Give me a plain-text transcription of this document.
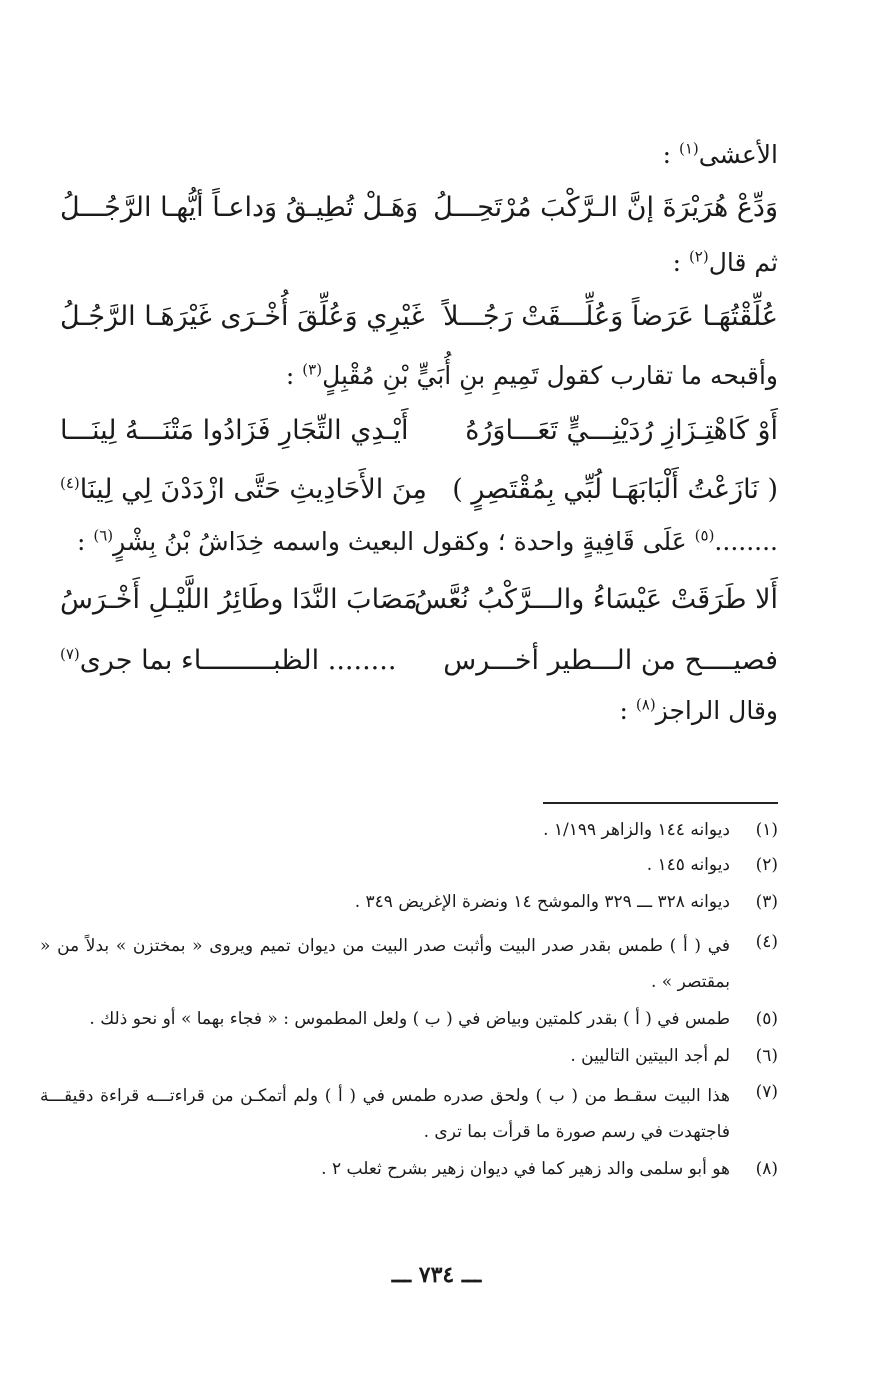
الأعشى$^{(١)}$ :
وَدِّعْ هُرَيْرَةَ إنَّ الـرَّكْبَ مُرْتَحِـــلُ
وَهَـلْ تُطِيـقُ وَداعـاً أيُّهـا الرَّجُـــلُ
ثم قال$^{(٢)}$ :
عُلِّقْتُهَـا عَرَضاً وَعُلِّـــقَتْ رَجُـــلاً
غَيْرِي وَعُلِّقَ أُخْـرَى غَيْرَهَـا الرَّجُـلُ
وأقبحه ما تقارب كقول تَمِيمِ بنِ أُبَيٍّ بْنِ مُقْبِلٍ$^{(٣)}$ :
أَوْ كَاهْتِـزَازِ رُدَيْنِـــيٍّ تَعَـــاوَرُهُ
أَيْـدِي التِّجَارِ فَزَادُوا مَتْنَـــهُ لِينَـــا
( نَازَعْتُ أَلْبَابَهَـا لُبِّي بِمُقْتَصِرٍ )
مِنَ الأَحَادِيثِ حَتَّى ازْدَدْنَ لِي لِينَا$^{(٤)}$
........$^{(٥)}$ عَلَى قَافِيةٍ واحدة ؛ وكقول البعيث واسمه خِدَاشُ بْنُ بِشْرٍ$^{(٦)}$ :
أَلا طَرَقَتْ عَيْسَاءُ والـــرَّكْبُ نُعَّسُ
مَصَابَ النَّدَا وطَائِرُ اللَّيْـلِ أَخْـرَسُ
فصيــــح من الـــطير أخـــرس
........ الظبـــــــــاء بما جرى$^{(٧)}$
وقال الراجز$^{(٨)}$ :
(١)
ديوانه ١٤٤ والزاهر ١/١٩٩ .
(٢)
ديوانه ١٤٥ .
(٣)
ديوانه ٣٢٨ ـــ ٣٢٩ والموشح ١٤ ونضرة الإغريض ٣٤٩ .
(٤)
في ( أ ) طمس بقدر صدر البيت وأثبت صدر البيت من ديوان تميم ويروى « بمختزن » بدلاً من « بمقتصر » .
(٥)
طمس في ( أ ) بقدر كلمتين وبياض في ( ب ) ولعل المطموس : « فجاء بهما » أو نحو ذلك .
(٦)
لم أجد البيتين التاليين .
(٧)
هذا البيت سقـط من ( ب ) ولحق صدره طمس في ( أ ) ولم أتمكـن من قراءتـــه قراءة دقيقـــة فاجتهدت في رسم صورة ما قرأت بما ترى .
(٨)
هو أبو سلمى والد زهير كما في ديوان زهير بشرح ثعلب ٢ .
ـــ ٧٣٤ ـــ
